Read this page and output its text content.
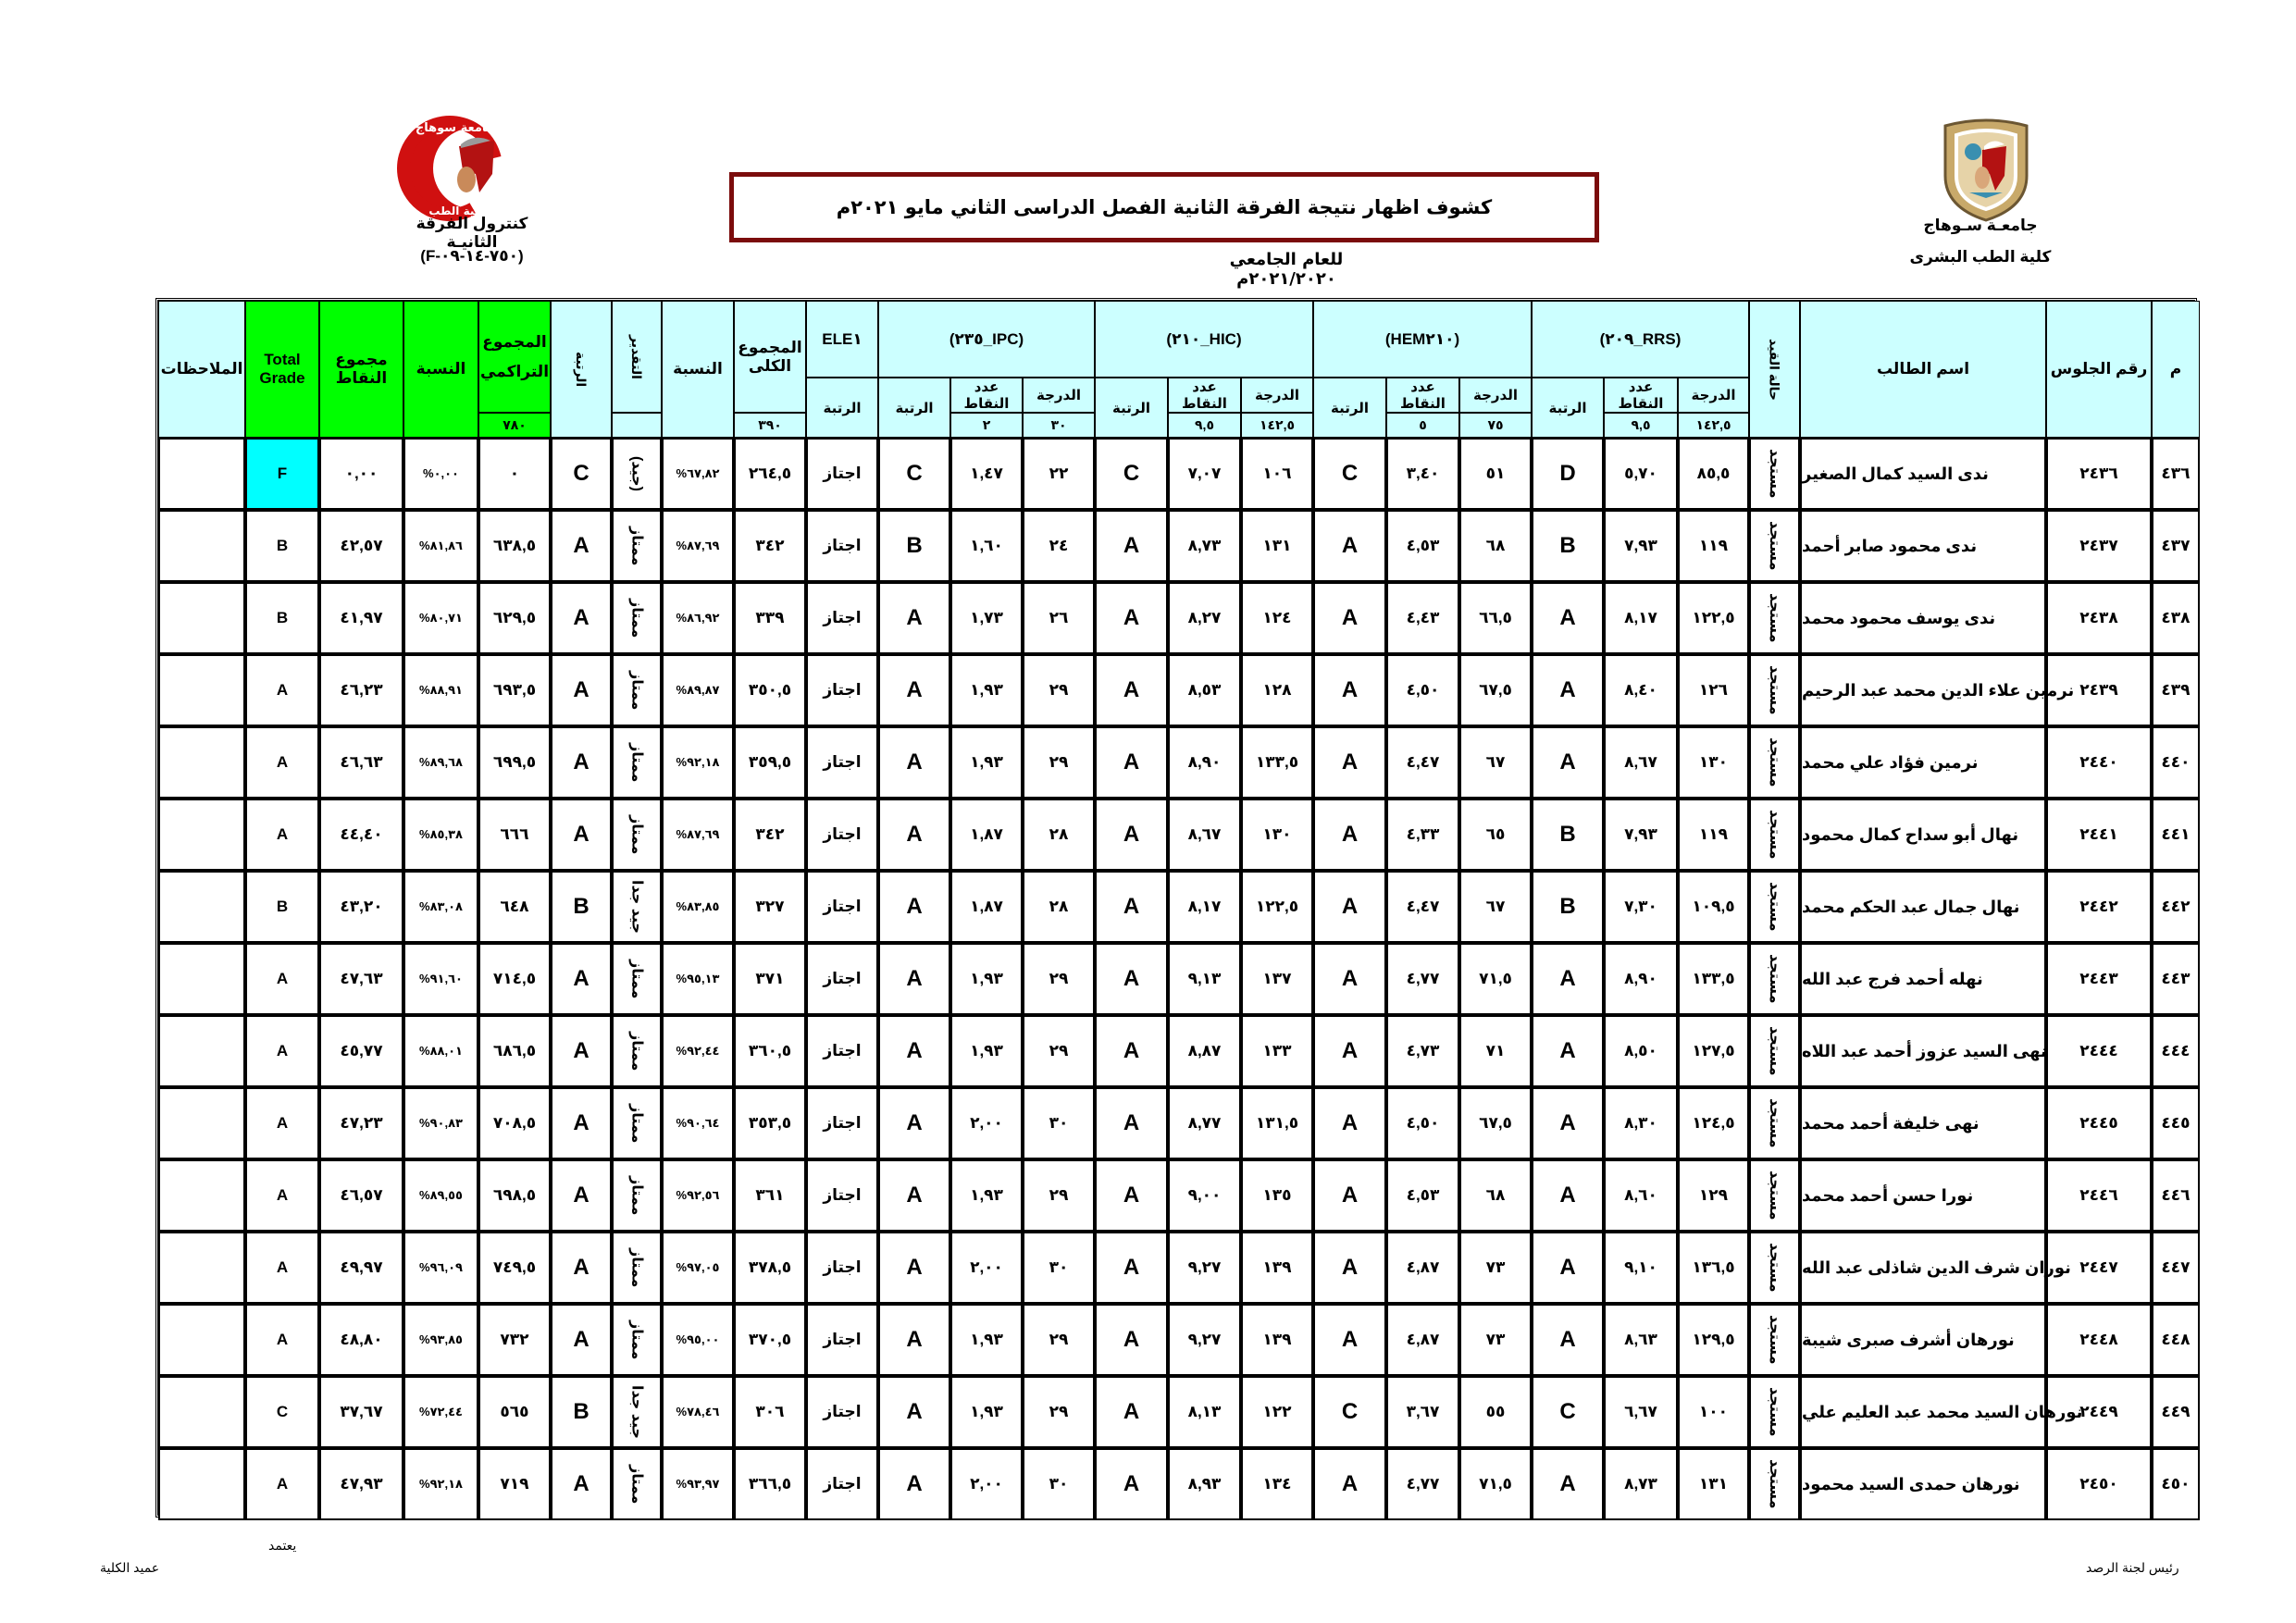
جامعـة سـوهاج
كلية الطب البشرى
كشوف اظهار نتيجة الفرقة الثانية الفصل الدراسى الثاني مايو ٢٠٢١م
للعام الجامعي ٢٠٢١/٢٠٢٠م
جامعة سوهاج
كلية الطب
كنترول الفرقة الثانيـة
(F-٧٥٠-١٤-٠٩)
م
رقم الجلوس
اسم الطالب
حالة القيد
(RRS_٢٠٩)
الدرجة
عدد النقاط
الرتبة
١٤٢,٥
٩,٥
(HEM٢١٠)
الدرجة
عدد النقاط
الرتبة
٧٥
٥
(HIC_٢١٠)
الدرجة
عدد النقاط
الرتبة
١٤٢,٥
٩,٥
(IPC_٢٣٥)
الدرجة
عدد النقاط
الرتبة
٣٠
٢
ELE١
الرتبة
المجموع الكلى
٣٩٠
النسبة
التقدير
الرتبة
المجموع
التراكمي
٧٨٠
النسبة
مجموع النقاط
Total Grade
الملاحظات
٤٣٦
٢٤٣٦
ندى السيد كمال الصغير
مستجد
٨٥,٥
٥,٧٠
D
٥١
٣,٤٠
C
١٠٦
٧,٠٧
C
٢٢
١,٤٧
C
اجتاز
٢٦٤,٥
%٦٧,٨٢
(جيد)
C
٠
%٠,٠٠
٠,٠٠
F
٤٣٧
٢٤٣٧
ندى محمود صابر أحمد
مستجد
١١٩
٧,٩٣
B
٦٨
٤,٥٣
A
١٣١
٨,٧٣
A
٢٤
١,٦٠
B
اجتاز
٣٤٢
%٨٧,٦٩
ممتاز
A
٦٣٨,٥
%٨١,٨٦
٤٢,٥٧
B
٤٣٨
٢٤٣٨
ندى يوسف محمود محمد
مستجد
١٢٢,٥
٨,١٧
A
٦٦,٥
٤,٤٣
A
١٢٤
٨,٢٧
A
٢٦
١,٧٣
A
اجتاز
٣٣٩
%٨٦,٩٢
ممتاز
A
٦٢٩,٥
%٨٠,٧١
٤١,٩٧
B
٤٣٩
٢٤٣٩
نرمين علاء الدين محمد عبد الرحيم
مستجد
١٢٦
٨,٤٠
A
٦٧,٥
٤,٥٠
A
١٢٨
٨,٥٣
A
٢٩
١,٩٣
A
اجتاز
٣٥٠,٥
%٨٩,٨٧
ممتاز
A
٦٩٣,٥
%٨٨,٩١
٤٦,٢٣
A
٤٤٠
٢٤٤٠
نرمين فؤاد علي محمد
مستجد
١٣٠
٨,٦٧
A
٦٧
٤,٤٧
A
١٣٣,٥
٨,٩٠
A
٢٩
١,٩٣
A
اجتاز
٣٥٩,٥
%٩٢,١٨
ممتاز
A
٦٩٩,٥
%٨٩,٦٨
٤٦,٦٣
A
٤٤١
٢٤٤١
نهال أبو سداح كمال محمود
مستجد
١١٩
٧,٩٣
B
٦٥
٤,٣٣
A
١٣٠
٨,٦٧
A
٢٨
١,٨٧
A
اجتاز
٣٤٢
%٨٧,٦٩
ممتاز
A
٦٦٦
%٨٥,٣٨
٤٤,٤٠
A
٤٤٢
٢٤٤٢
نهال جمال عبد الحكم محمد
مستجد
١٠٩,٥
٧,٣٠
B
٦٧
٤,٤٧
A
١٢٢,٥
٨,١٧
A
٢٨
١,٨٧
A
اجتاز
٣٢٧
%٨٣,٨٥
جيد جدا
B
٦٤٨
%٨٣,٠٨
٤٣,٢٠
B
٤٤٣
٢٤٤٣
نهله أحمد فرج عبد الله
مستجد
١٣٣,٥
٨,٩٠
A
٧١,٥
٤,٧٧
A
١٣٧
٩,١٣
A
٢٩
١,٩٣
A
اجتاز
٣٧١
%٩٥,١٣
ممتاز
A
٧١٤,٥
%٩١,٦٠
٤٧,٦٣
A
٤٤٤
٢٤٤٤
نهى السيد عزوز أحمد عبد اللاه
مستجد
١٢٧,٥
٨,٥٠
A
٧١
٤,٧٣
A
١٣٣
٨,٨٧
A
٢٩
١,٩٣
A
اجتاز
٣٦٠,٥
%٩٢,٤٤
ممتاز
A
٦٨٦,٥
%٨٨,٠١
٤٥,٧٧
A
٤٤٥
٢٤٤٥
نهى خليفة أحمد محمد
مستجد
١٢٤,٥
٨,٣٠
A
٦٧,٥
٤,٥٠
A
١٣١,٥
٨,٧٧
A
٣٠
٢,٠٠
A
اجتاز
٣٥٣,٥
%٩٠,٦٤
ممتاز
A
٧٠٨,٥
%٩٠,٨٣
٤٧,٢٣
A
٤٤٦
٢٤٤٦
نورا حسن أحمد محمد
مستجد
١٢٩
٨,٦٠
A
٦٨
٤,٥٣
A
١٣٥
٩,٠٠
A
٢٩
١,٩٣
A
اجتاز
٣٦١
%٩٢,٥٦
ممتاز
A
٦٩٨,٥
%٨٩,٥٥
٤٦,٥٧
A
٤٤٧
٢٤٤٧
نوران شرف الدين شاذلى عبد الله
مستجد
١٣٦,٥
٩,١٠
A
٧٣
٤,٨٧
A
١٣٩
٩,٢٧
A
٣٠
٢,٠٠
A
اجتاز
٣٧٨,٥
%٩٧,٠٥
ممتاز
A
٧٤٩,٥
%٩٦,٠٩
٤٩,٩٧
A
٤٤٨
٢٤٤٨
نورهان أشرف صبرى شيبة
مستجد
١٢٩,٥
٨,٦٣
A
٧٣
٤,٨٧
A
١٣٩
٩,٢٧
A
٢٩
١,٩٣
A
اجتاز
٣٧٠,٥
%٩٥,٠٠
ممتاز
A
٧٣٢
%٩٣,٨٥
٤٨,٨٠
A
٤٤٩
٢٤٤٩
نورهان السيد محمد عبد العليم علي
مستجد
١٠٠
٦,٦٧
C
٥٥
٣,٦٧
C
١٢٢
٨,١٣
A
٢٩
١,٩٣
A
اجتاز
٣٠٦
%٧٨,٤٦
جيد جدا
B
٥٦٥
%٧٢,٤٤
٣٧,٦٧
C
٤٥٠
٢٤٥٠
نورهان حمدى السيد محمود
مستجد
١٣١
٨,٧٣
A
٧١,٥
٤,٧٧
A
١٣٤
٨,٩٣
A
٣٠
٢,٠٠
A
اجتاز
٣٦٦,٥
%٩٣,٩٧
ممتاز
A
٧١٩
%٩٢,١٨
٤٧,٩٣
A
يعتمد
عميد الكلية	رئيس لجنة الرصد
